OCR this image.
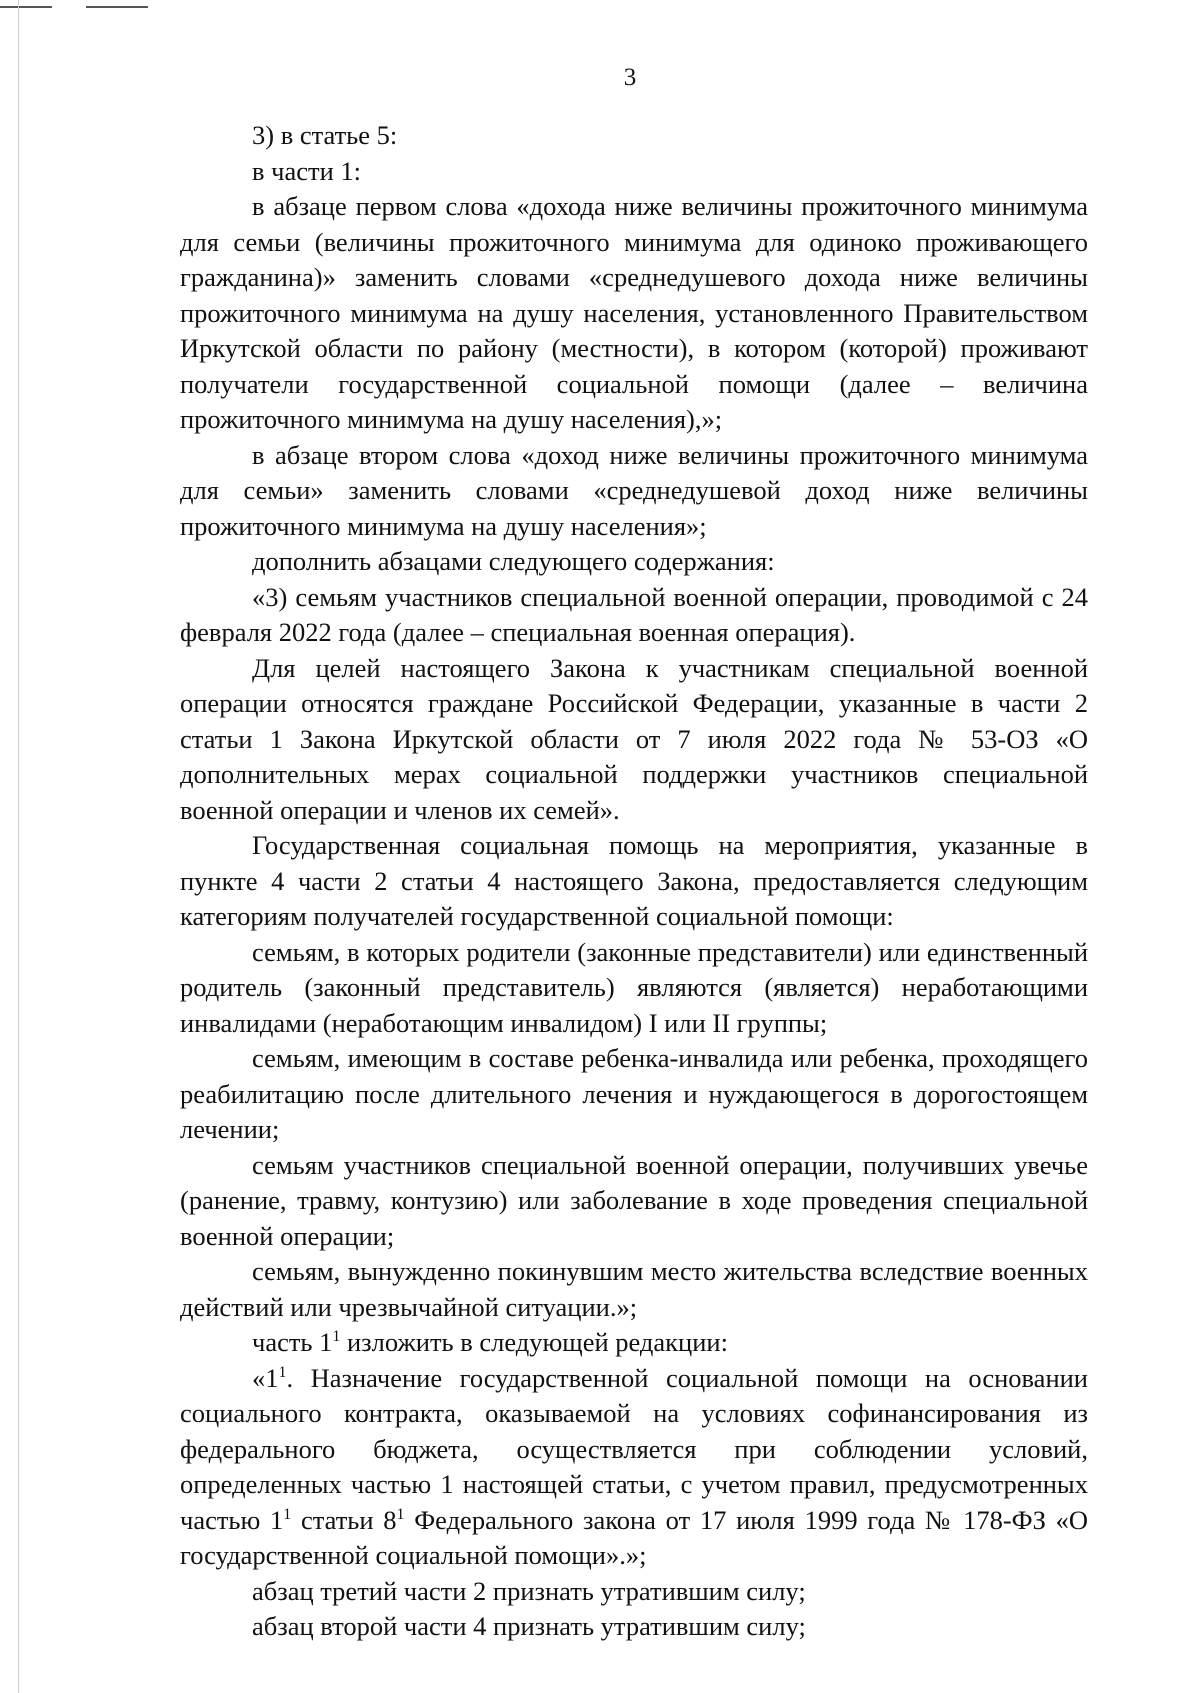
3

3) в статье 5:

в части 1:

в абзаце первом слова «дохода ниже величины прожиточного минимума для семьи (величины прожиточного минимума для одиноко проживающего гражданина)» заменить словами «среднедушевого дохода ниже величины прожиточного минимума на душу населения, установленного Правительством Иркутской области по району (местности), в котором (которой) проживают получатели государственной социальной помощи (далее – величина прожиточного минимума на душу населения),»;

в абзаце втором слова «доход ниже величины прожиточного минимума для семьи» заменить словами «среднедушевой доход ниже величины прожиточного минимума на душу населения»;

дополнить абзацами следующего содержания:

«3) семьям участников специальной военной операции, проводимой с 24 февраля 2022 года (далее – специальная военная операция).

Для целей настоящего Закона к участникам специальной военной операции относятся граждане Российской Федерации, указанные в части 2 статьи 1 Закона Иркутской области от 7 июля 2022 года № 53-ОЗ «О дополнительных мерах социальной поддержки участников специальной военной операции и членов их семей».

Государственная социальная помощь на мероприятия, указанные в пункте 4 части 2 статьи 4 настоящего Закона, предоставляется следующим категориям получателей государственной социальной помощи:

семьям, в которых родители (законные представители) или единственный родитель (законный представитель) являются (является) неработающими инвалидами (неработающим инвалидом) I или II группы;

семьям, имеющим в составе ребенка-инвалида или ребенка, проходящего реабилитацию после длительного лечения и нуждающегося в дорогостоящем лечении;

семьям участников специальной военной операции, получивших увечье (ранение, травму, контузию) или заболевание в ходе проведения специальной военной операции;

семьям, вынужденно покинувшим место жительства вследствие военных действий или чрезвычайной ситуации.»;

часть $1^1$ изложить в следующей редакции:

«$1^1$. Назначение государственной социальной помощи на основании социального контракта, оказываемой на условиях софинансирования из федерального бюджета, осуществляется при соблюдении условий, определенных частью 1 настоящей статьи, с учетом правил, предусмотренных частью $1^1$ статьи $8^1$ Федерального закона от 17 июля 1999 года № 178-ФЗ «О государственной социальной помощи».»;

абзац третий части 2 признать утратившим силу;

абзац второй части 4 признать утратившим силу;
